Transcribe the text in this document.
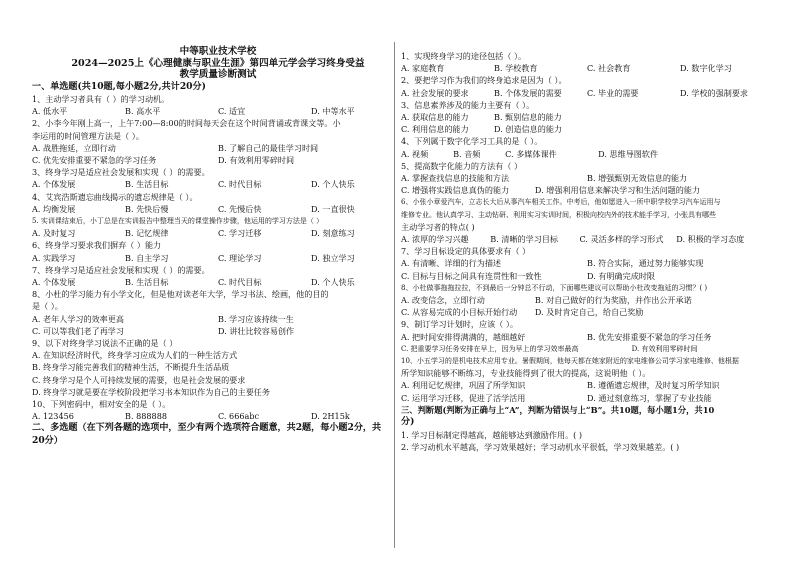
中等职业技术学校
2024—2025上《心理健康与职业生涯》第四单元学会学习终身受益
教学质量诊断测试
一、单选题(共10题,每小题2分,共计20分)
1、主动学习者具有（ ）的学习动机。
A. 低水平	B. 高水平	C. 适宜	D. 中等水平
2、小李今年刚上高一，上午7:00—8:00的时间每天会在这个时间背诵或背课文等。小
李运用的时间管理方法是（ ）。
A. 战胜拖延，立即行动	B. 了解自己的最佳学习时间
C. 优先安排重要不紧急的学习任务	D. 有效利用零碎时间
3、终身学习是适应社会发展和实现（ ）的需要。
A. 个体发展	B. 生活目标	C. 时代目标	D. 个人快乐
4、艾宾浩斯遗忘曲线揭示的遗忘规律是（ ）。
A. 均衡发展	B. 先快后慢	C. 先慢后快	D. 一直很快
5. 实训课结束后，小丁总是在实训报告中整理当天的课堂操作步骤，他运用的学习方法是（ ）
A. 及时复习	B. 记忆规律	C. 学习迁移	D. 刻意练习
6、终身学习要求我们摒弃（ ）能力
A. 实践学习	B. 自主学习	C. 理论学习	D. 独立学习
7、终身学习是适应社会发展和实现（ ）的需要。
A. 个体发展	B. 生活目标	C. 时代目标	D. 个人快乐
8、小杜的学习能力有小学文化，但是他对读老年大学，学习书法、绘画，他的目的
是（ ）。
A. 老年人学习的效率更高	B. 学习应该持续一生
C. 可以等我们老了再学习	D. 讲壮比较容易创作
9、以下对终身学习说法不正确的是（ ）
A. 在知识经济时代，终身学习应成为人们的一种生活方式
B. 终身学习能完善我们的精神生活，不断提升生活品质
C. 终身学习是个人可持续发展的需要，也是社会发展的要求
D. 终身学习就是要在学校阶段把学习书本知识作为自己的主要任务
10、下列密码中，相对安全的是（ ）。
A. 123456	B. 888888	C. 666abc	D. 2H15k
二、多选题（在下列各题的选项中，至少有两个选项符合题意，共2题，每小题2分，共
20分）
1、实现终身学习的途径包括（ ）。
A. 家庭教育	B. 学校教育	C. 社会教育	D. 数字化学习
2、要把学习作为我们的终身追求是因为（ ）。
A. 社会发展的要求	B. 个体发展的需要	C. 毕业的需要	D. 学校的强制要求
3、信息素养涉及的能力主要有（ ）。
A. 获取信息的能力	B. 甄别信息的能力
C. 利用信息的能力	D. 创造信息的能力
4、下列属于数字化学习工具的是（ ）。
A. 视频	B. 音频	C. 多媒体课件	D. 思维导图软件
5、提高数字化能力的方法有（ ）
A. 掌握查找信息的技能和方法	B. 增强甄别无效信息的能力
C. 增强将实践信息真伪的能力	D. 增强利用信息来解决学习和生活问题的能力
6、小张小章爱汽车，立志长大后从事汽车相关工作。中考后，他如愿进入一所中职学校学习汽车运用与
维修专业。他认真学习、主动钻研、利用实习实训时间，积极向校内外的技术能手学习，小张具有哪些
主动学习者的特点( )
A. 浓厚的学习兴趣	B. 清晰的学习目标	C. 灵活多样的学习形式	D. 积极的学习态度
7、学习目标设定的具体要求有（ ）
A. 有清晰、详细的行为描述	B. 符合实际，通过努力能够实现
C. 目标与目标之间具有连贯性和一致性	D. 有明确完成时限
8、小杜做事拖拖拉拉，不到最后一分钟总不行动，下面哪些建议可以帮助小杜改变拖延的习惯？( )
A. 改变信念，立即行动	B. 对自己做好的行为奖励，并作出公开承诺
C. 从容易完成的小目标开始行动	D. 及时肯定自己，给自己奖励
9、制订学习计划时，应该（ ）。
A. 把时间安排得满满的，越细越好	B. 优先安排重要不紧急的学习任务
C. 把重要学习任务安排在早上，因为早上的学习效率最高	D. 有效利用零碎时间
10、小五学习的是机电技术应用专业。暑假期间，他每天都在她家附近的家电维修公司学习家电维修、他根据
所学知识能够不断练习，专业技能得到了很大的提高，这说明他（ ）。
A. 利用记忆规律，巩固了所学知识	B. 遵循遗忘规律，及时复习所学知识
C. 运用学习迁移，促进了活学活用	D. 通过刻意练习，掌握了专业技能
三、判断题(判断为正确与上“A”，判断为错误与上“B”。共10题，每小题1分，共10
分)
1. 学习目标制定得越高，越能够达到激励作用。( )
2. 学习动机水平越高，学习效果越好；学习动机水平很低，学习效果越差。( )
